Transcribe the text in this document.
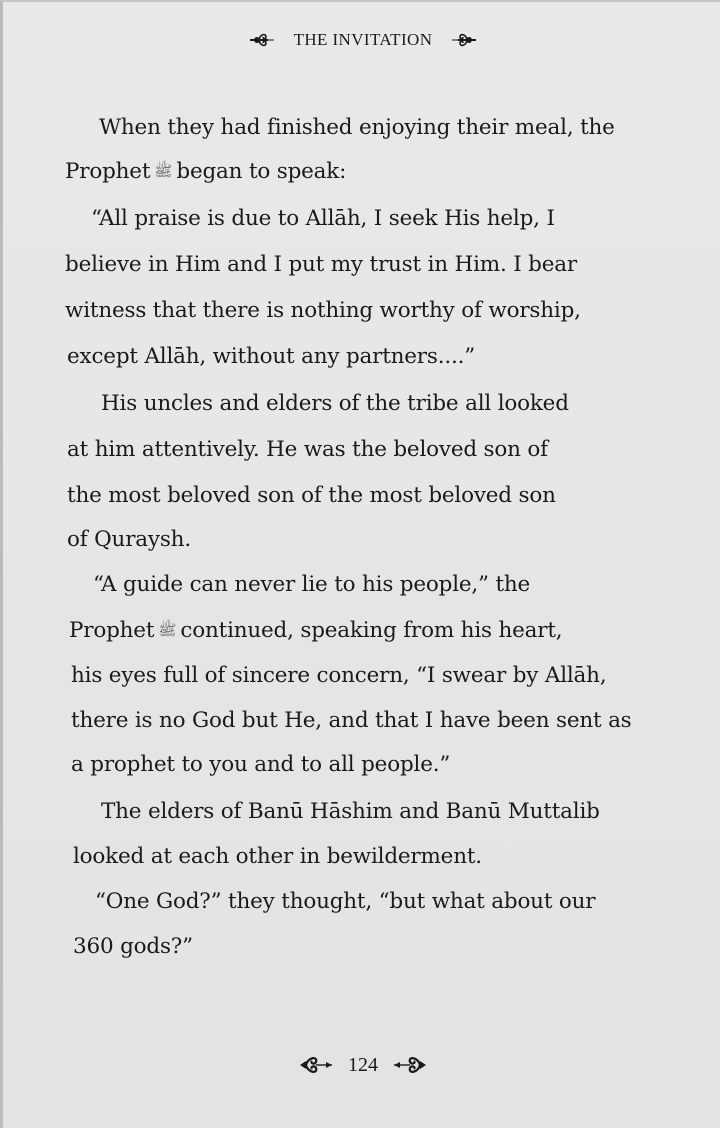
THE INVITATION
When they had finished enjoying their meal, the
Prophet ﷺ began to speak:
“All praise is due to Allāh, I seek His help, I
believe in Him and I put my trust in Him. I bear
witness that there is nothing worthy of worship,
except Allāh, without any partners....”
His uncles and elders of the tribe all looked
at him attentively. He was the beloved son of
the most beloved son of the most beloved son
of Quraysh.
“A guide can never lie to his people,” the
Prophet ﷺ continued, speaking from his heart,
his eyes full of sincere concern, “I swear by Allāh,
there is no God but He, and that I have been sent as
a prophet to you and to all people.”
The elders of Banū Hāshim and Banū Muttalib
looked at each other in bewilderment.
“One God?” they thought, “but what about our
360 gods?”
124
